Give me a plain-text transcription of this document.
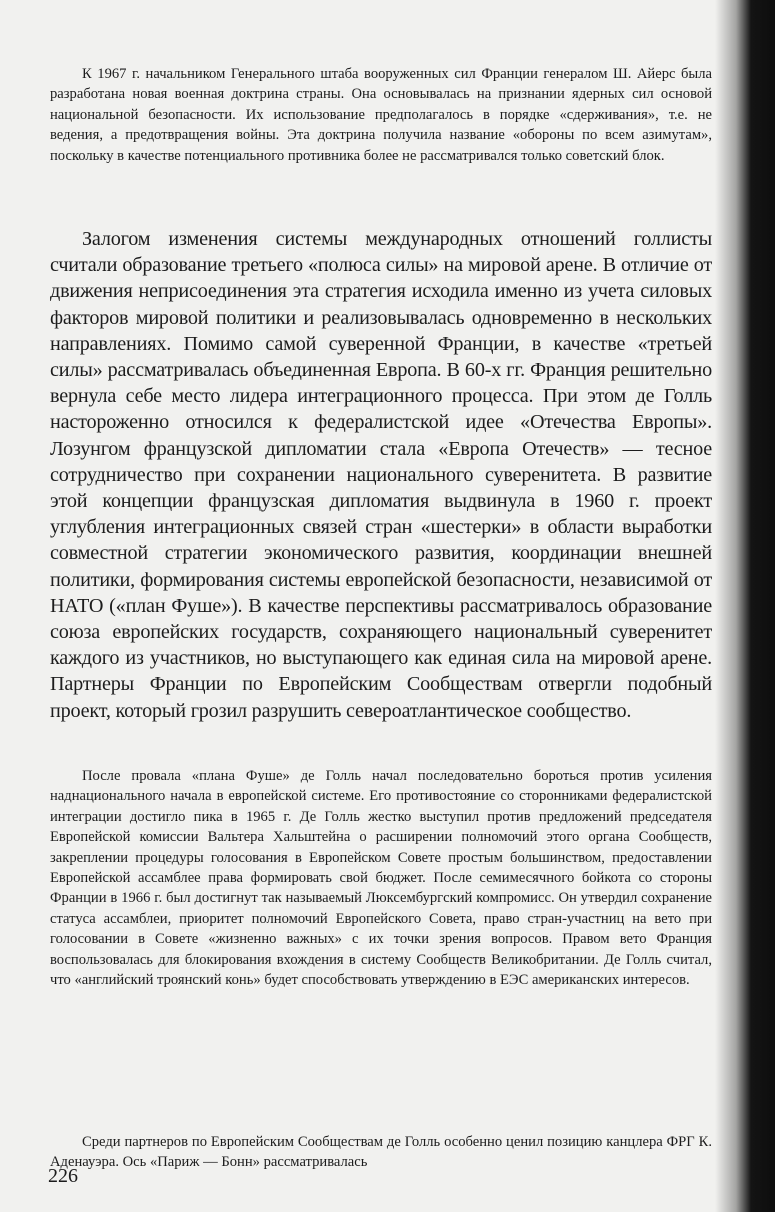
К 1967 г. начальником Генерального штаба вооруженных сил Франции генералом Ш. Айерс была разработана новая военная доктрина страны. Она основывалась на признании ядерных сил основой национальной безопасности. Их использование предполагалось в порядке «сдерживания», т.е. не ведения, а предотвращения войны. Эта доктрина получила название «обороны по всем азимутам», поскольку в качестве потенциального противника более не рассматривался только советский блок.

Залогом изменения системы международных отношений голлисты считали образование третьего «полюса силы» на мировой арене. В отличие от движения неприсоединения эта стратегия исходила именно из учета силовых факторов мировой политики и реализовывалась одновременно в нескольких направлениях. Помимо самой суверенной Франции, в качестве «третьей силы» рассматривалась объединенная Европа. В 60-х гг. Франция решительно вернула себе место лидера интеграционного процесса. При этом де Голль настороженно относился к федералистской идее «Отечества Европы». Лозунгом французской дипломатии стала «Европа Отечеств» — тесное сотрудничество при сохранении национального суверенитета. В развитие этой концепции французская дипломатия выдвинула в 1960 г. проект углубления интеграционных связей стран «шестерки» в области выработки совместной стратегии экономического развития, координации внешней политики, формирования системы европейской безопасности, независимой от НАТО («план Фуше»). В качестве перспективы рассматривалось образование союза европейских государств, сохраняющего национальный суверенитет каждого из участников, но выступающего как единая сила на мировой арене. Партнеры Франции по Европейским Сообществам отвергли подобный проект, который грозил разрушить североатлантическое сообщество.

После провала «плана Фуше» де Голль начал последовательно бороться против усиления наднационального начала в европейской системе. Его противостояние со сторонниками федералистской интеграции достигло пика в 1965 г. Де Голль жестко выступил против предложений председателя Европейской комиссии Вальтера Хальштейна о расширении полномочий этого органа Сообществ, закреплении процедуры голосования в Европейском Совете простым большинством, предоставлении Европейской ассамблее права формировать свой бюджет. После семимесячного бойкота со стороны Франции в 1966 г. был достигнут так называемый Люксембургский компромисс. Он утвердил сохранение статуса ассамблеи, приоритет полномочий Европейского Совета, право стран-участниц на вето при голосовании в Совете «жизненно важных» с их точки зрения вопросов. Правом вето Франция воспользовалась для блокирования вхождения в систему Сообществ Великобритании. Де Голль считал, что «английский троянский конь» будет способствовать утверждению в ЕЭС американских интересов.

Среди партнеров по Европейским Сообществам де Голль особенно ценил позицию канцлера ФРГ К. Аденауэра. Ось «Париж — Бонн» рассматривалась

226
